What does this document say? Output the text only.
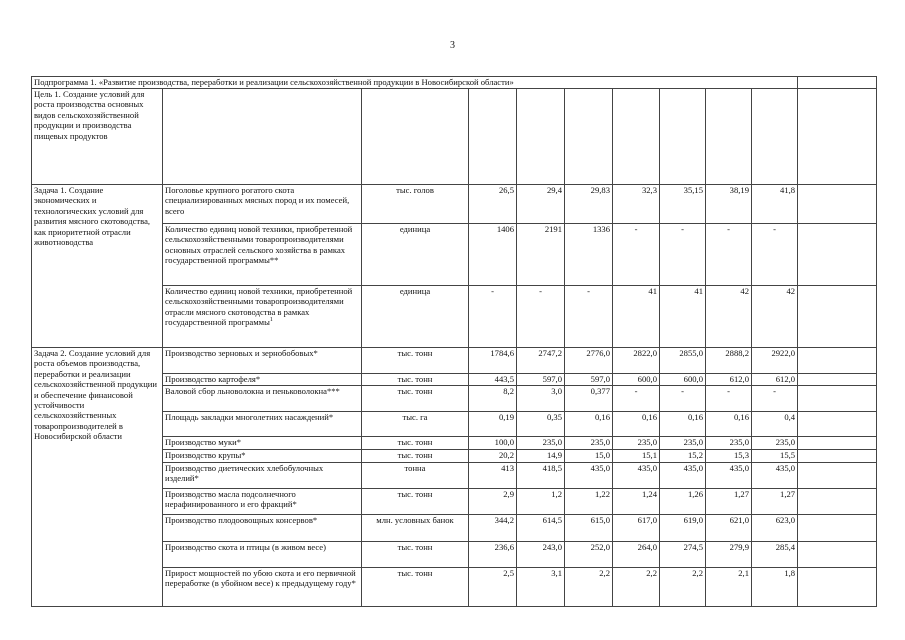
3
Подпрограмма 1. «Развитие производства, переработки и реализации сельскохозяйственной продукции в Новосибирской области»										
Цель 1. Создание условий для роста производства основных видов сельскохозяйственной продукции и производства пищевых продуктов										
Задача 1. Создание экономических и технологических условий для развития мясного скотоводства, как приоритетной отрасли животноводства	Поголовье крупного рогатого скота специализированных мясных пород и их помесей, всего	тыс. голов	26,5	29,4	29,83	32,3	35,15	38,19	41,8	
	Количество единиц новой техники, приобретенной сельскохозяйственными товаропроизводителями основных отраслей сельского хозяйства в рамках государственной программы**	единица	1406	2191	1336	-	-	-	-	
	Количество единиц новой техники, приобретенной сельскохозяйственными товаропроизводителями отрасли мясного скотоводства в рамках государственной программы$^1$	единица	-	-	-	41	41	42	42	
Задача 2. Создание условий для роста объемов производства, переработки и реализации сельскохозяйственной продукции и обеспечение финансовой устойчивости сельскохозяйственных товаропроизводителей в Новосибирской области	Производство зерновых и зернобобовых*	тыс. тонн	1784,6	2747,2	2776,0	2822,0	2855,0	2888,2	2922,0	
	Производство картофеля*	тыс. тонн	443,5	597,0	597,0	600,0	600,0	612,0	612,0	
	Валовой сбор льноволокна и пеньковолокна***	тыс. тонн	8,2	3,0	0,377	-	-	-	-	
	Площадь закладки многолетних насаждений*	тыс. га	0,19	0,35	0,16	0,16	0,16	0,16	0,4	
	Производство муки*	тыс. тонн	100,0	235,0	235,0	235,0	235,0	235,0	235,0	
	Производство крупы*	тыс. тонн	20,2	14,9	15,0	15,1	15,2	15,3	15,5	
	Производство диетических хлебобулочных изделий*	тонна	413	418,5	435,0	435,0	435,0	435,0	435,0	
	Производство масла подсолнечного нерафинированного и его фракций*	тыс. тонн	2,9	1,2	1,22	1,24	1,26	1,27	1,27	
	Производство плодоовощных консервов*	млн. условных банок	344,2	614,5	615,0	617,0	619,0	621,0	623,0	
	Производство скота и птицы (в живом весе)	тыс. тонн	236,6	243,0	252,0	264,0	274,5	279,9	285,4	
	Прирост мощностей по убою скота и его первичной переработке (в убойном весе) к предыдущему году*	тыс. тонн	2,5	3,1	2,2	2,2	2,2	2,1	1,8	
